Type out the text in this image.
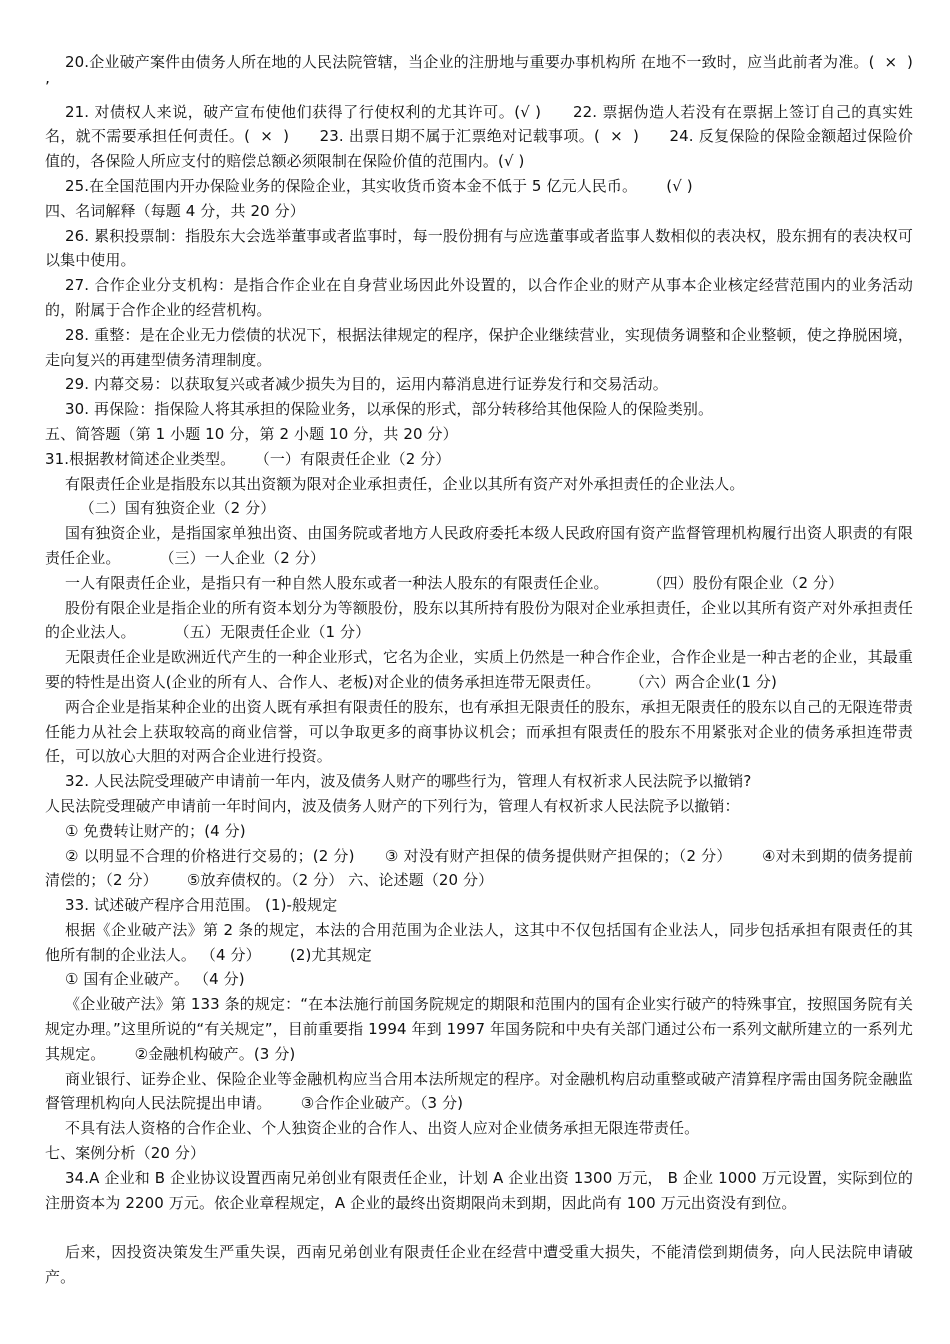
20.企业破产案件由债务人所在地的人民法院管辖，当企业的注册地与重要办事机构所 在地不一致时，应当此前者为准。(  ×  )     ’

21. 对债权人来说，破产宣布使他们获得了行使权利的尤其许可。(√ )      22. 票据伪造人若没有在票据上签订自己的真实姓名，就不需要承担任何责任。(  ×  )      23. 出票日期不属于汇票绝对记载事项。(  ×  )      24. 反复保险的保险金额超过保险价值的，各保险人所应支付的赔偿总额必须限制在保险价值的范围内。(√ )

25.在全国范围内开办保险业务的保险企业，其实收货币资本金不低于 5 亿元人民币。      (√ )

四、名词解释（每题 4 分，共 20 分）

26. 累积投票制：指股东大会选举董事或者监事时，每一股份拥有与应选董事或者监事人数相似的表决权，股东拥有的表决权可以集中使用。

27. 合作企业分支机构：是指合作企业在自身营业场因此外设置的，以合作企业的财产从事本企业核定经营范围内的业务活动的，附属于合作企业的经营机构。

28. 重整：是在企业无力偿债的状况下，根据法律规定的程序，保护企业继续营业，实现债务调整和企业整顿，使之挣脱困境，走向复兴的再建型债务清理制度。

29. 内幕交易：以获取复兴或者减少损失为目的，运用内幕消息进行证券发行和交易活动。

30. 再保险：指保险人将其承担的保险业务，以承保的形式，部分转移给其他保险人的保险类别。

五、简答题（第 1 小题 10 分，第 2 小题 10 分，共 20 分）

31.根据教材简述企业类型。    （一）有限责任企业（2 分）

有限责任企业是指股东以其出资额为限对企业承担责任，企业以其所有资产对外承担责任的企业法人。

（二）国有独资企业（2 分）

国有独资企业，是指国家单独出资、由国务院或者地方人民政府委托本级人民政府国有资产监督管理机构履行出资人职责的有限责任企业。        （三）一人企业（2 分）

一人有限责任企业，是指只有一种自然人股东或者一种法人股东的有限责任企业。        （四）股份有限企业（2 分）

股份有限企业是指企业的所有资本划分为等额股份，股东以其所持有股份为限对企业承担责任，企业以其所有资产对外承担责任的企业法人。        （五）无限责任企业（1 分）

无限责任企业是欧洲近代产生的一种企业形式，它名为企业，实质上仍然是一种合作企业，合作企业是一种古老的企业，其最重要的特性是出资人(企业的所有人、合作人、老板)对企业的债务承担连带无限责任。      （六）两合企业(1 分)

两合企业是指某种企业的出资人既有承担有限责任的股东，也有承担无限责任的股东，承担无限责任的股东以自己的无限连带责任能力从社会上获取较高的商业信誉，可以争取更多的商事协议机会；而承担有限责任的股东不用紧张对企业的债务承担连带责任，可以放心大胆的对两合企业进行投资。

32. 人民法院受理破产申请前一年内，波及债务人财产的哪些行为，管理人有权祈求人民法院予以撤销?

人民法院受理破产申请前一年时间内，波及债务人财产的下列行为，管理人有权祈求人民法院予以撤销：

① 免费转让财产的；(4 分)

② 以明显不合理的价格进行交易的；(2 分)      ③ 对没有财产担保的债务提供财产担保的；（2 分）      ④对未到期的债务提前清偿的；（2 分）      ⑤放弃债权的。（2 分） 六、论述题（20 分）

33. 试述破产程序合用范围。 (1)-般规定

根据《企业破产法》第 2 条的规定，本法的合用范围为企业法人，这其中不仅包括国有企业法人，同步包括承担有限责任的其他所有制的企业法人。 （4 分）      (2)尤其规定

① 国有企业破产。 （4 分)

《企业破产法》第 133 条的规定：“在本法施行前国务院规定的期限和范围内的国有企业实行破产的特殊事宜，按照国务院有关规定办理。”这里所说的“有关规定”，目前重要指 1994 年到 1997 年国务院和中央有关部门通过公布一系列文献所建立的一系列尤其规定。      ②金融机构破产。(3 分)

商业银行、证券企业、保险企业等金融机构应当合用本法所规定的程序。对金融机构启动重整或破产清算程序需由国务院金融监督管理机构向人民法院提出申请。      ③合作企业破产。（3 分)

不具有法人资格的合作企业、个人独资企业的合作人、出资人应对企业债务承担无限连带责任。

七、案例分析（20 分）

34.A 企业和 B 企业协议设置西南兄弟创业有限责任企业，计划 A 企业出资 1300 万元， B 企业 1000 万元设置，实际到位的注册资本为 2200 万元。依企业章程规定，A 企业的最终出资期限尚未到期，因此尚有 100 万元出资没有到位。

后来，因投资决策发生严重失误，西南兄弟创业有限责任企业在经营中遭受重大损失，不能清偿到期债务，向人民法院申请破产。
